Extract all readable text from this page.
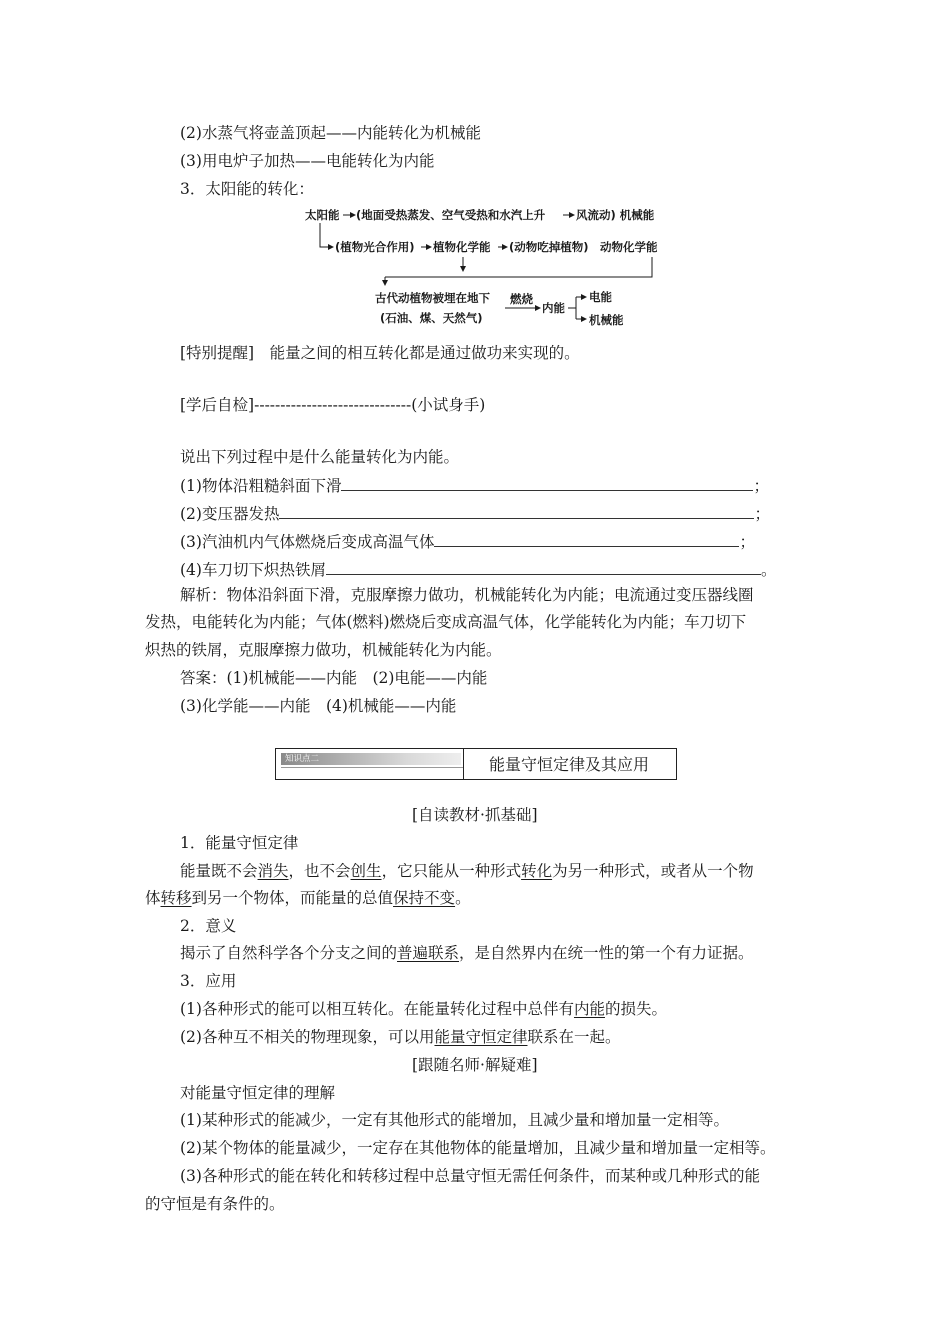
(2)水蒸气将壶盖顶起——内能转化为机械能
(3)用电炉子加热——电能转化为内能
3．太阳能的转化：
太阳能 (地面受热蒸发、空气受热和水汽上升	风流动) 机械能
(植物光合作用) 植物化学能 (动物吃掉植物) 动物化学能
古代动植物被埋在地下
(石油、煤、天然气)
燃烧
内能
电能
机械能
[特别提醒]　能量之间的相互转化都是通过做功来实现的。
[学后自检]------------------------------(小试身手)
说出下列过程中是什么能量转化为内能。
(1)物体沿粗糙斜面下滑	；
(2)变压器发热	；
(3)汽油机内气体燃烧后变成高温气体	；
(4)车刀切下炽热铁屑	。
解析：物体沿斜面下滑，克服摩擦力做功，机械能转化为内能；电流通过变压器线圈
发热，电能转化为内能；气体(燃料)燃烧后变成高温气体，化学能转化为内能；车刀切下
炽热的铁屑，克服摩擦力做功，机械能转化为内能。
答案：(1)机械能——内能　(2)电能——内能
(3)化学能——内能　(4)机械能——内能
知识点二	能量守恒定律及其应用
[自读教材·抓基础]
1．能量守恒定律
能量既不会消失，也不会创生，它只能从一种形式转化为另一种形式，或者从一个物
体转移到另一个物体，而能量的总值保持不变。
2．意义
揭示了自然科学各个分支之间的普遍联系，是自然界内在统一性的第一个有力证据。
3．应用
(1)各种形式的能可以相互转化。在能量转化过程中总伴有内能的损失。
(2)各种互不相关的物理现象，可以用能量守恒定律联系在一起。
[跟随名师·解疑难]
对能量守恒定律的理解
(1)某种形式的能减少，一定有其他形式的能增加，且减少量和增加量一定相等。
(2)某个物体的能量减少，一定存在其他物体的能量增加，且减少量和增加量一定相等。
(3)各种形式的能在转化和转移过程中总量守恒无需任何条件，而某种或几种形式的能
的守恒是有条件的。
